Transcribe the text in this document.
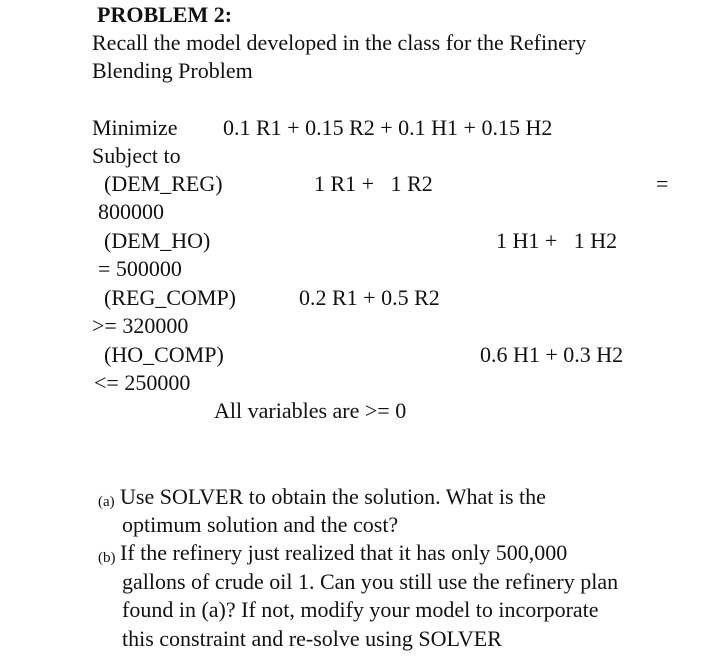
PROBLEM 2:
Recall the model developed in the class for the Refinery
Blending Problem
Minimize 0.1 R1 + 0.15 R2 + 0.1 H1 + 0.15 H2
Subject to
(DEM_REG)	1 R1 +   1 R2	=
800000
(DEM_HO)	1 H1 +   1 H2
= 500000
(REG_COMP)	0.2 R1 + 0.5 R2
>= 320000
(HO_COMP)	0.6 H1 + 0.3 H2
<= 250000
All variables are >= 0
(a) Use SOLVER to obtain the solution. What is the
optimum solution and the cost?
(b) If the refinery just realized that it has only 500,000
gallons of crude oil 1. Can you still use the refinery plan
found in (a)? If not, modify your model to incorporate
this constraint and re-solve using SOLVER
